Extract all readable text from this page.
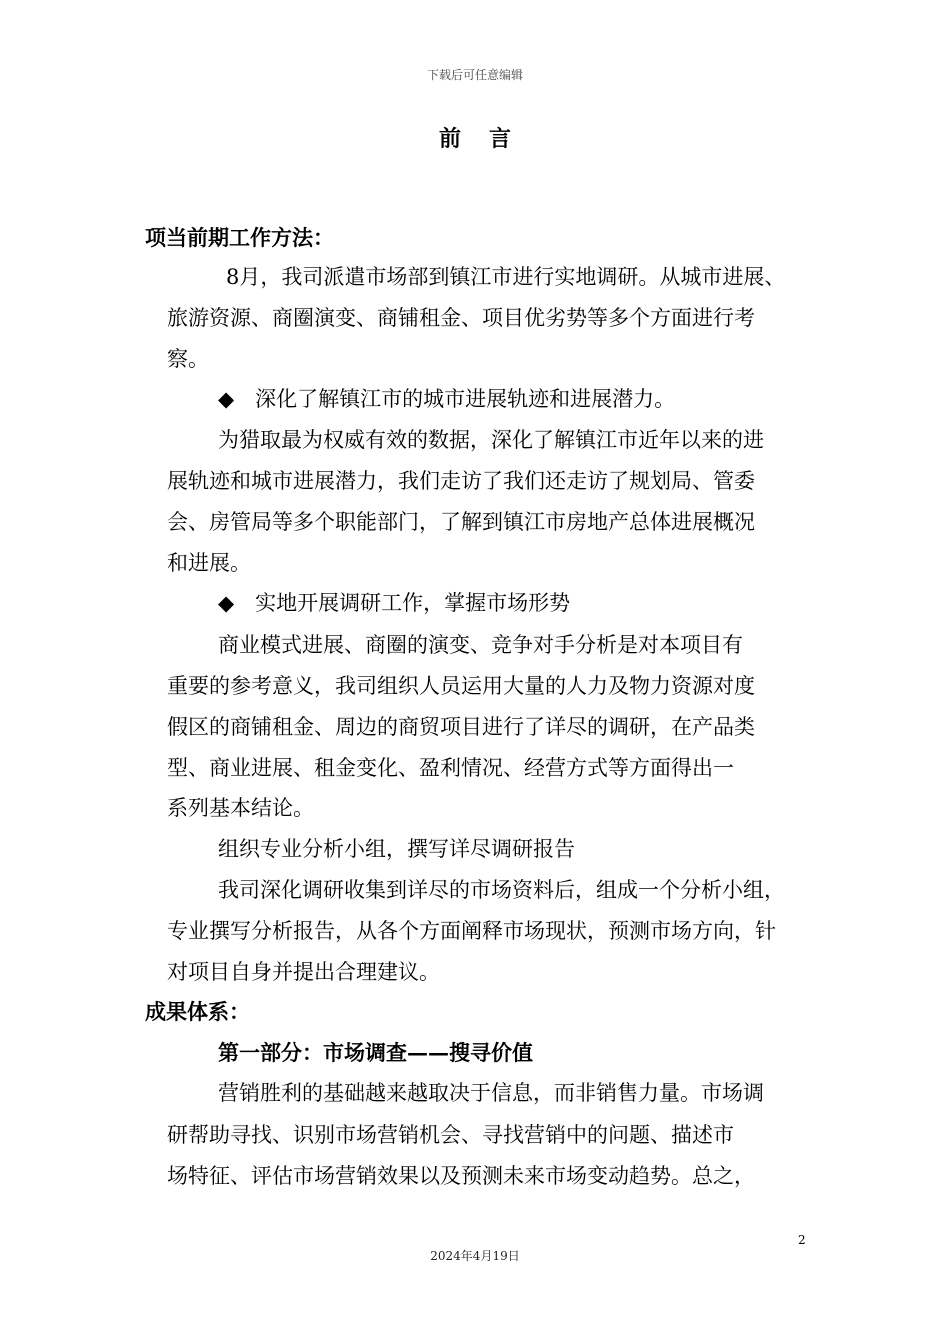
下载后可任意编辑
前言
项当前期工作方法：
8月，我司派遣市场部到镇江市进行实地调研。从城市进展、
旅游资源、商圈演变、商铺租金、项目优劣势等多个方面进行考
察。
◆　深化了解镇江市的城市进展轨迹和进展潜力。
为猎取最为权威有效的数据，深化了解镇江市近年以来的进
展轨迹和城市进展潜力，我们走访了我们还走访了规划局、管委
会、房管局等多个职能部门，了解到镇江市房地产总体进展概况
和进展。
◆　实地开展调研工作，掌握市场形势
商业模式进展、商圈的演变、竞争对手分析是对本项目有
重要的参考意义，我司组织人员运用大量的人力及物力资源对度
假区的商铺租金、周边的商贸项目进行了详尽的调研，在产品类
型、商业进展、租金变化、盈利情况、经营方式等方面得出一
系列基本结论。
组织专业分析小组，撰写详尽调研报告
我司深化调研收集到详尽的市场资料后，组成一个分析小组，
专业撰写分析报告，从各个方面阐释市场现状，预测市场方向，针
对项目自身并提出合理建议。
成果体系：
第一部分：市场调查——搜寻价值
营销胜利的基础越来越取决于信息，而非销售力量。市场调
研帮助寻找、识别市场营销机会、寻找营销中的问题、描述市
场特征、评估市场营销效果以及预测未来市场变动趋势。总之，
2
2024年4月19日
